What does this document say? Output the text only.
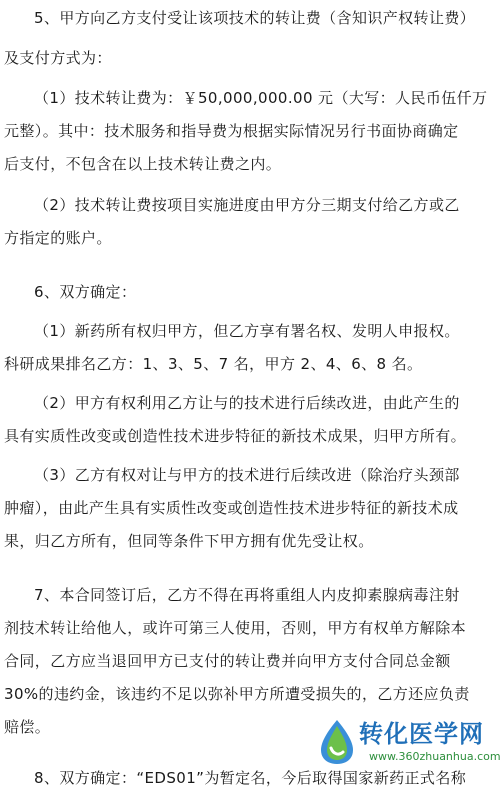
5、甲方向乙方支付受让该项技术的转让费（含知识产权转让费）
及支付方式为：
（1）技术转让费为：￥50,000,000.00 元（大写：人民币伍仟万
元整）。其中：技术服务和指导费为根据实际情况另行书面协商确定
后支付，不包含在以上技术转让费之内。
（2）技术转让费按项目实施进度由甲方分三期支付给乙方或乙
方指定的账户。
6、双方确定：
（1）新药所有权归甲方，但乙方享有署名权、发明人申报权。
科研成果排名乙方：1、3、5、7 名，甲方 2、4、6、8 名。
（2）甲方有权利用乙方让与的技术进行后续改进，由此产生的
具有实质性改变或创造性技术进步特征的新技术成果，归甲方所有。
（3）乙方有权对让与甲方的技术进行后续改进（除治疗头颈部
肿瘤），由此产生具有实质性改变或创造性技术进步特征的新技术成
果，归乙方所有，但同等条件下甲方拥有优先受让权。
7、本合同签订后，乙方不得在再将重组人内皮抑素腺病毒注射
剂技术转让给他人，或许可第三人使用，否则，甲方有权单方解除本
合同，乙方应当退回甲方已支付的转让费并向甲方支付合同总金额
30%的违约金，该违约不足以弥补甲方所遭受损失的，乙方还应负责
赔偿。
8、双方确定：“EDS01”为暂定名，今后取得国家新药正式名称
转化医学网
www.360zhuanhua.com
